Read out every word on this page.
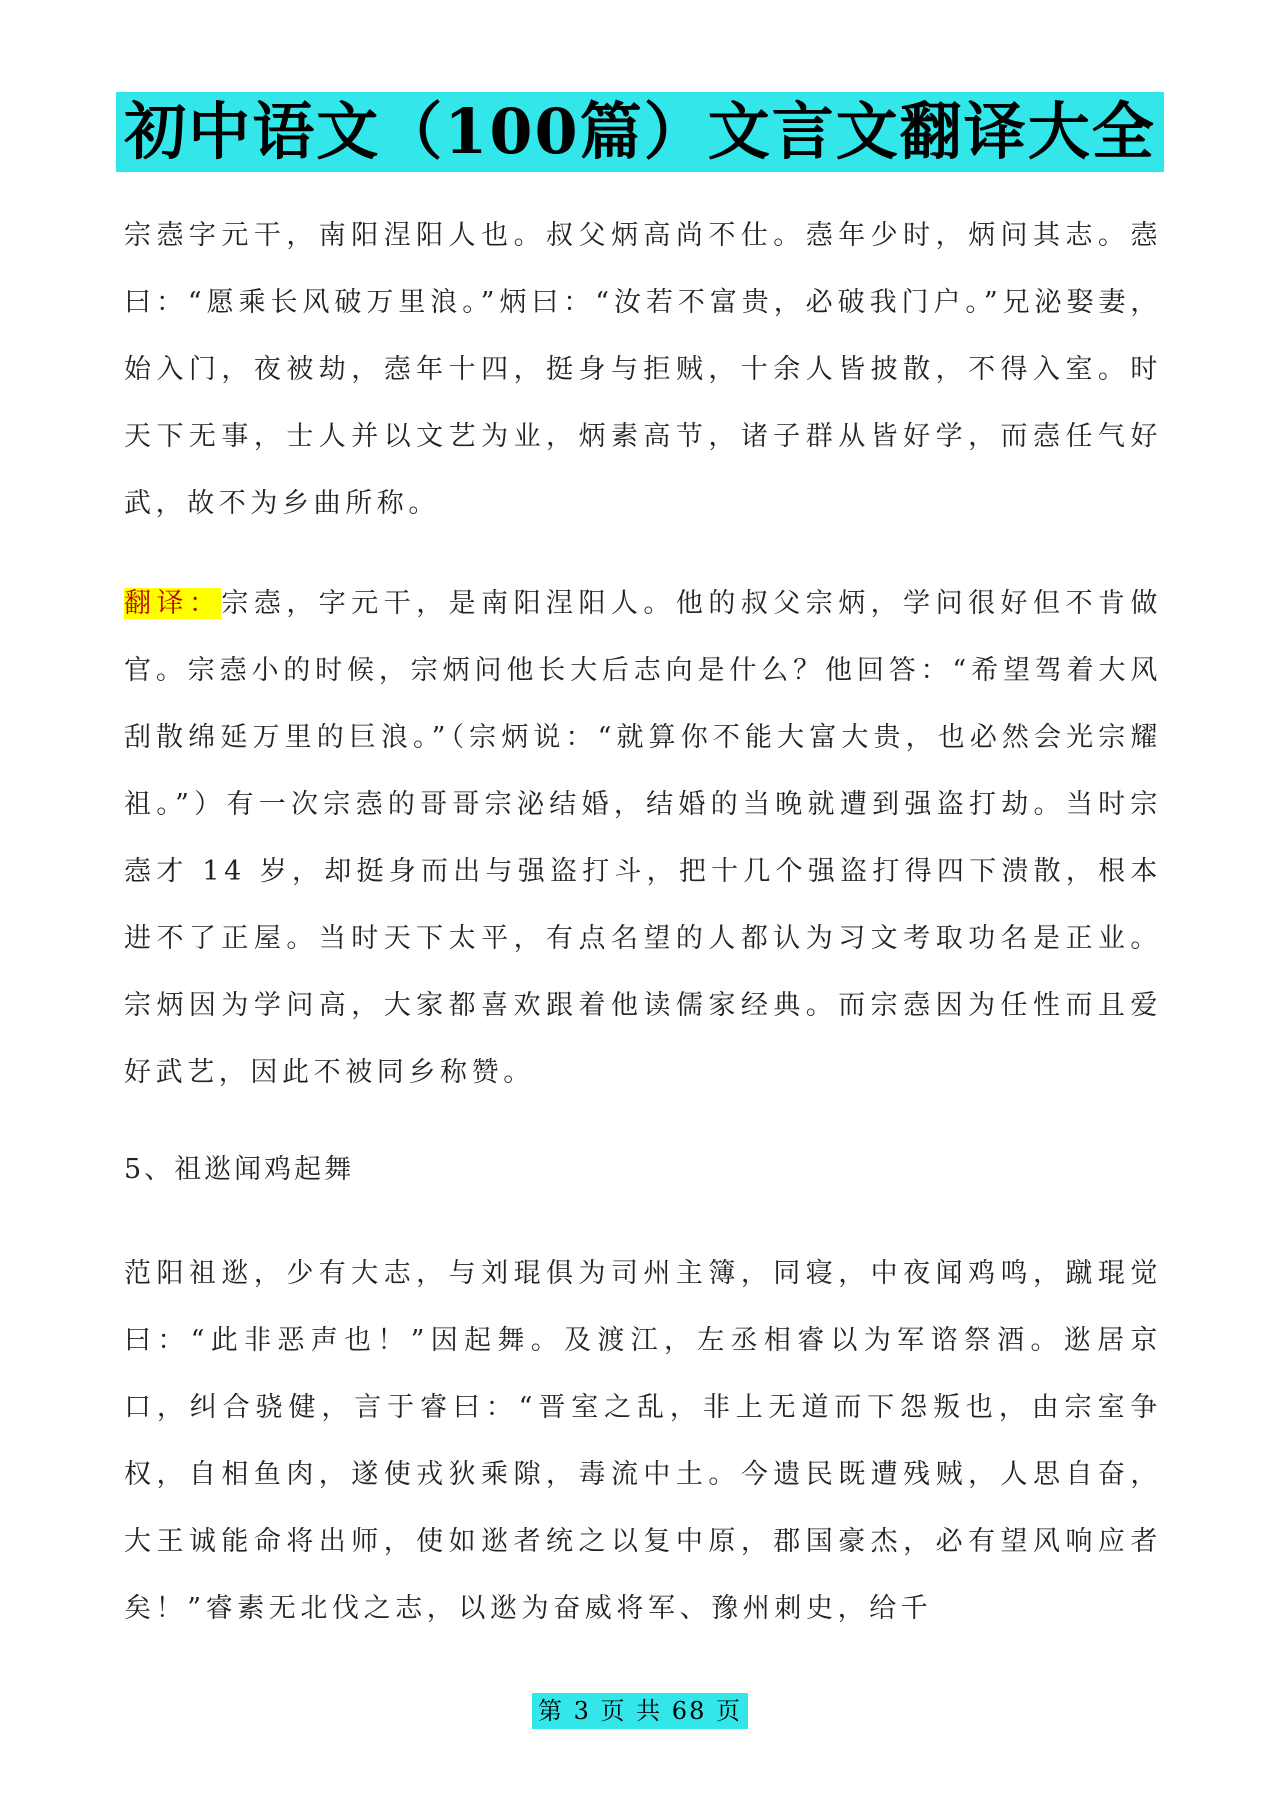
初中语文（100篇）文言文翻译大全

宗悫字元干，南阳涅阳人也。叔父炳高尚不仕。悫年少时，炳问其志。悫曰：“愿乘长风破万里浪。”炳曰：“汝若不富贵，必破我门户。”兄泌娶妻，始入门，夜被劫，悫年十四，挺身与拒贼，十余人皆披散，不得入室。时天下无事，士人并以文艺为业，炳素高节，诸子群从皆好学，而悫任气好武，故不为乡曲所称。

翻译：宗悫，字元干，是南阳涅阳人。他的叔父宗炳，学问很好但不肯做官。宗悫小的时候，宗炳问他长大后志向是什么？他回答：“希望驾着大风刮散绵延万里的巨浪。”（宗炳说：“就算你不能大富大贵，也必然会光宗耀祖。”）有一次宗悫的哥哥宗泌结婚，结婚的当晚就遭到强盗打劫。当时宗悫才 14 岁，却挺身而出与强盗打斗，把十几个强盗打得四下溃散，根本进不了正屋。当时天下太平，有点名望的人都认为习文考取功名是正业。宗炳因为学问高，大家都喜欢跟着他读儒家经典。而宗悫因为任性而且爱好武艺，因此不被同乡称赞。

5、祖逖闻鸡起舞

范阳祖逖，少有大志，与刘琨俱为司州主簿，同寝，中夜闻鸡鸣，蹴琨觉曰：“此非恶声也！”因起舞。及渡江，左丞相睿以为军谘祭酒。逖居京口，纠合骁健，言于睿曰：“晋室之乱，非上无道而下怨叛也，由宗室争权，自相鱼肉，遂使戎狄乘隙，毒流中土。今遗民既遭残贼，人思自奋，大王诚能命将出师，使如逖者统之以复中原，郡国豪杰，必有望风响应者矣！”睿素无北伐之志，以逖为奋威将军、豫州刺史，给千

第 3 页 共 68 页
